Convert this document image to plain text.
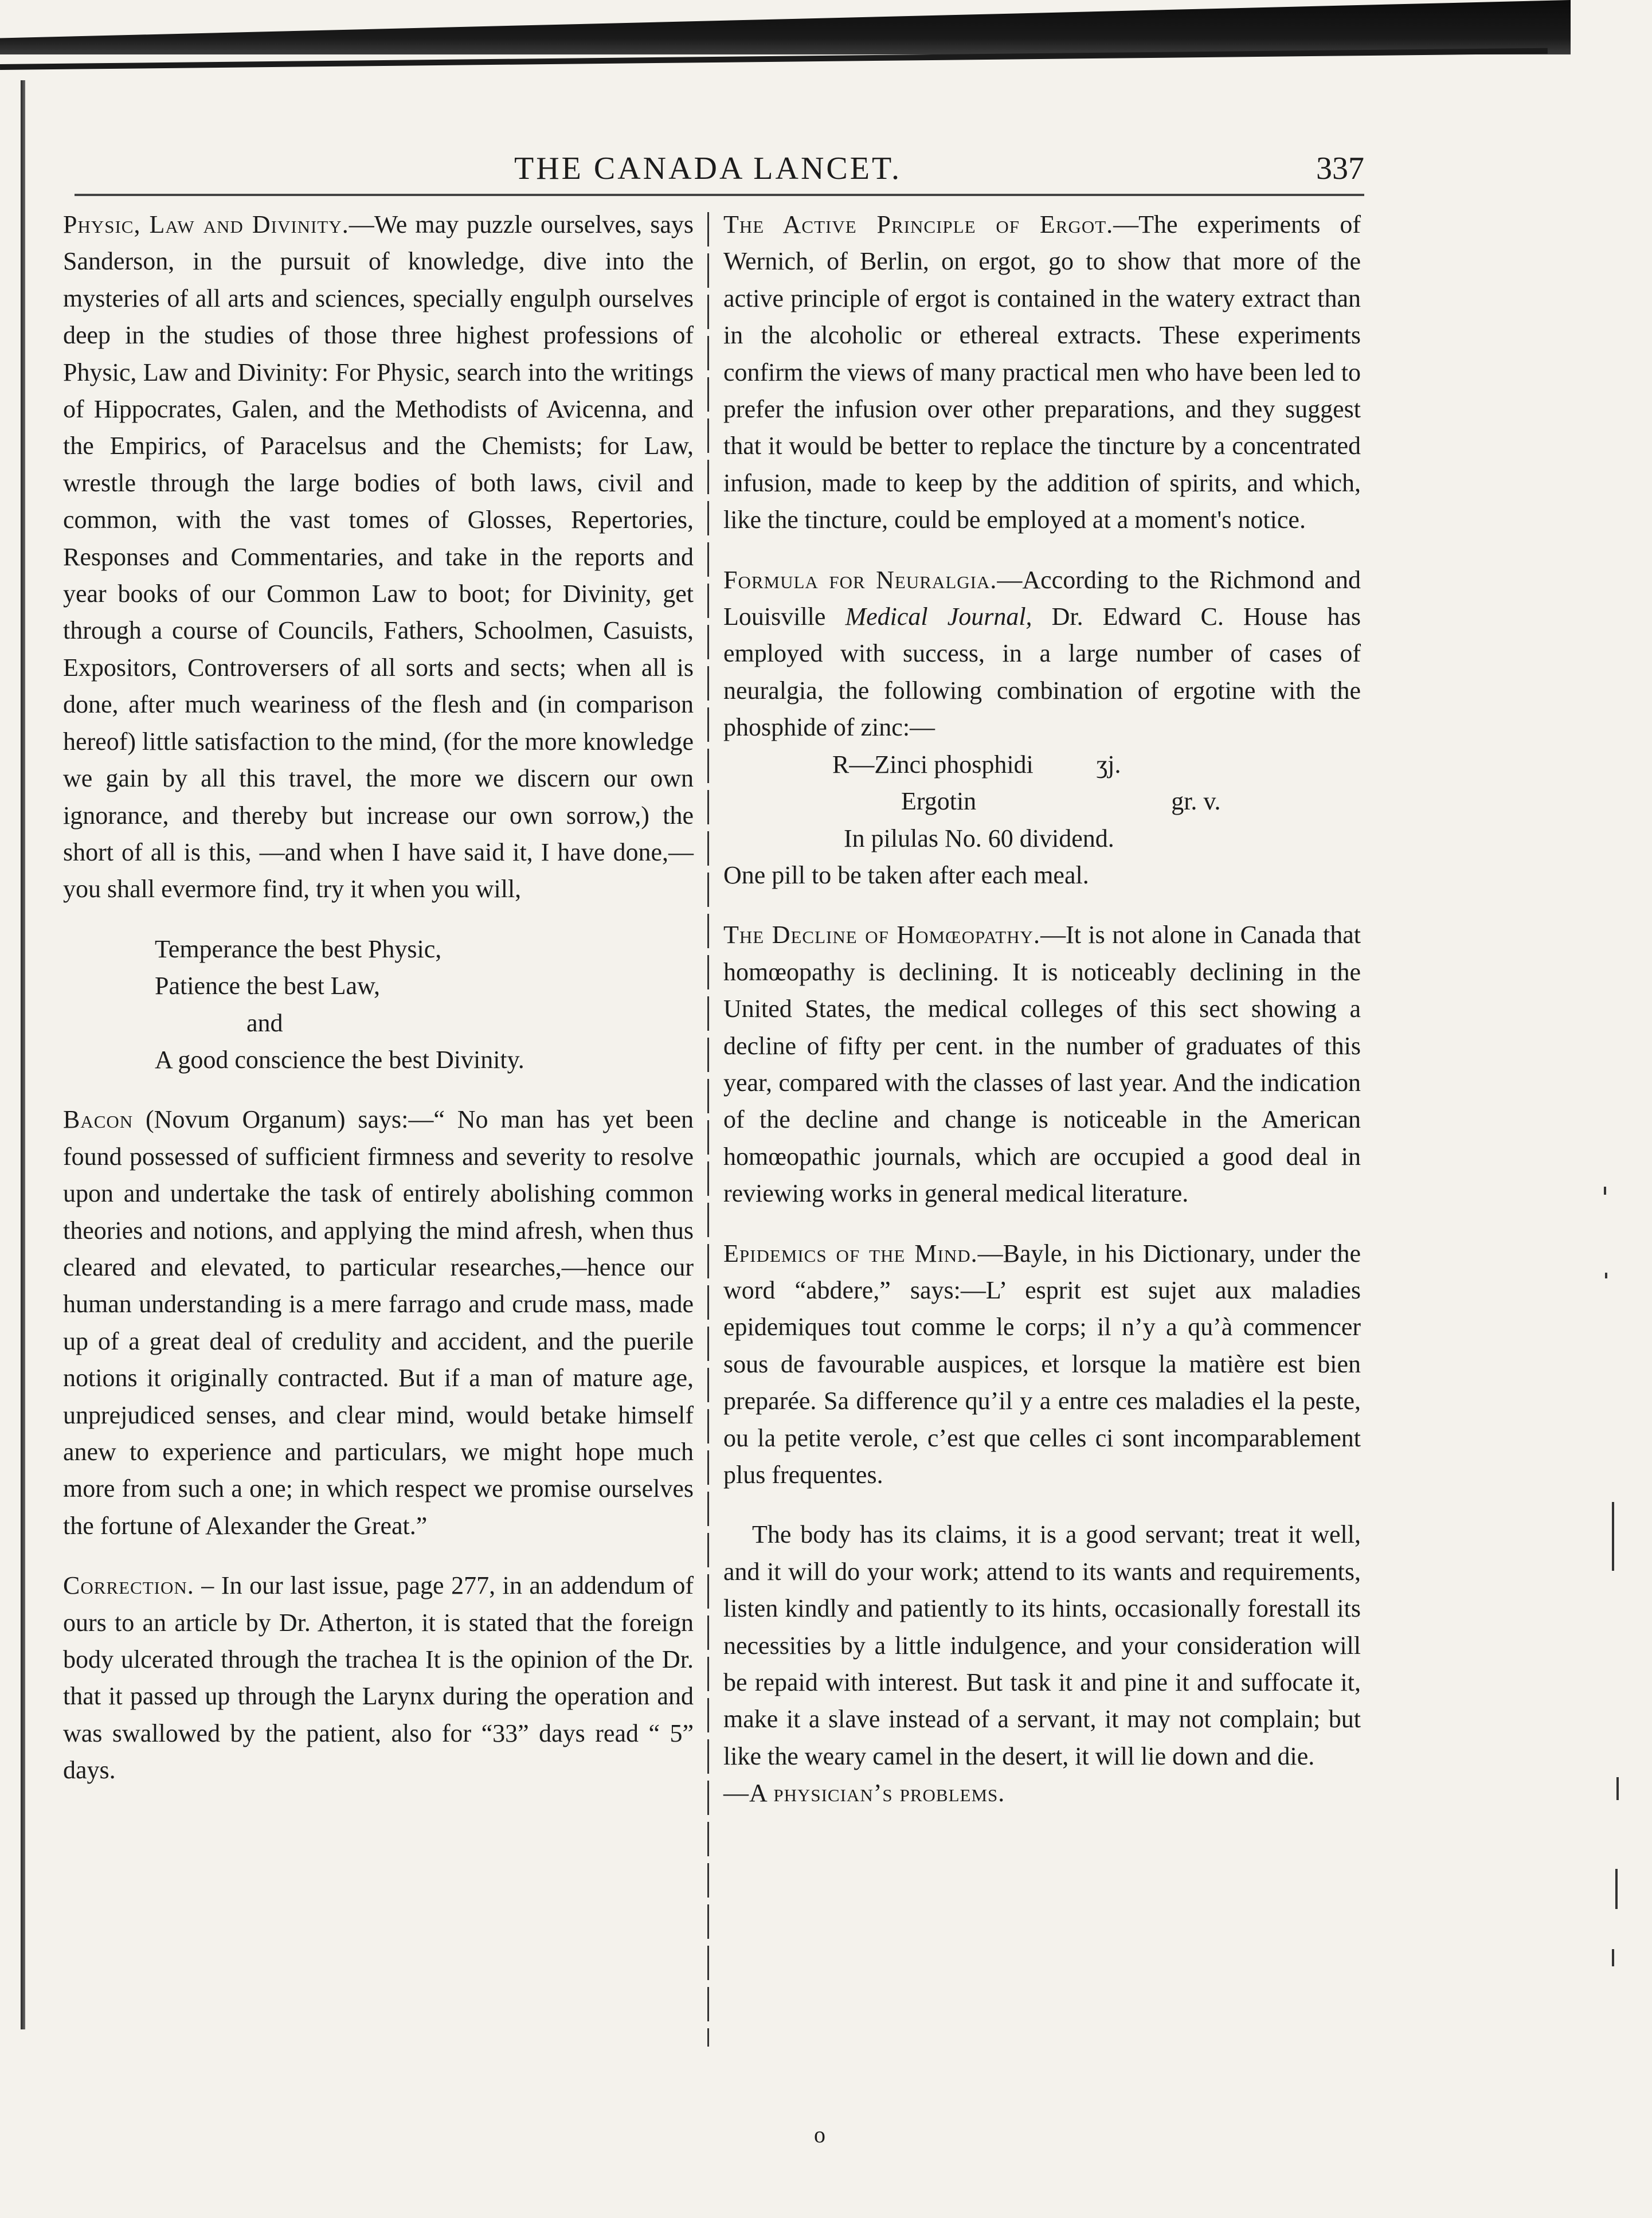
THE CANADA LANCET.	337

Physic, Law and Divinity.—We may puzzle ourselves, says Sanderson, in the pursuit of knowledge, dive into the mysteries of all arts and sciences, specially engulph ourselves deep in the studies of those three highest professions of Physic, Law and Divinity: For Physic, search into the writings of Hippocrates, Galen, and the Methodists of Avicenna, and the Empirics, of Paracelsus and the Chemists; for Law, wrestle through the large bodies of both laws, civil and common, with the vast tomes of Glosses, Repertories, Responses and Commentaries, and take in the reports and year books of our Common Law to boot; for Divinity, get through a course of Councils, Fathers, Schoolmen, Casuists, Expositors, Controversers of all sorts and sects; when all is done, after much weariness of the flesh and (in comparison hereof) little satisfaction to the mind, (for the more knowledge we gain by all this travel, the more we discern our own ignorance, and thereby but increase our own sorrow,) the short of all is this, —and when I have said it, I have done,—you shall evermore find, try it when you will,

Temperance the best Physic,
Patience the best Law,
and
A good conscience the best Divinity.

Bacon (Novum Organum) says:—“ No man has yet been found possessed of sufficient firmness and severity to resolve upon and undertake the task of entirely abolishing common theories and notions, and applying the mind afresh, when thus cleared and elevated, to particular researches,—hence our human understanding is a mere farrago and crude mass, made up of a great deal of credulity and accident, and the puerile notions it originally contracted. But if a man of mature age, unprejudiced senses, and clear mind, would betake himself anew to experience and particulars, we might hope much more from such a one; in which respect we promise ourselves the fortune of Alexander the Great.”

Correction. – In our last issue, page 277, in an addendum of ours to an article by Dr. Atherton, it is stated that the foreign body ulcerated through the trachea It is the opinion of the Dr. that it passed up through the Larynx during the operation and was swallowed by the patient, also for “33” days read “ 5” days.

The Active Principle of Ergot.—The experiments of Wernich, of Berlin, on ergot, go to show that more of the active principle of ergot is contained in the watery extract than in the alcoholic or ethereal extracts. These experiments confirm the views of many practical men who have been led to prefer the infusion over other preparations, and they suggest that it would be better to replace the tincture by a concentrated infusion, made to keep by the addition of spirits, and which, like the tincture, could be employed at a moment's notice.

Formula for Neuralgia.—According to the Richmond and Louisville Medical Journal, Dr. Edward C. House has employed with success, in a large number of cases of neuralgia, the following combination of ergotine with the phosphide of zinc:—

R—Zinci phosphidi	ʒj.
Ergotin	gr. v.
In pilulas No. 60 dividend.

One pill to be taken after each meal.

The Decline of Homœopathy.—It is not alone in Canada that homœopathy is declining. It is noticeably declining in the United States, the medical colleges of this sect showing a decline of fifty per cent. in the number of graduates of this year, compared with the classes of last year. And the indication of the decline and change is noticeable in the American homœopathic journals, which are occupied a good deal in reviewing works in general medical literature.

Epidemics of the Mind.—Bayle, in his Dictionary, under the word “abdere,” says:—L’ esprit est sujet aux maladies epidemiques tout comme le corps; il n’y a qu’à commencer sous de favourable auspices, et lorsque la matière est bien preparée. Sa difference qu’il y a entre ces maladies el la peste, ou la petite verole, c’est que celles ci sont incomparablement plus frequentes.

The body has its claims, it is a good servant; treat it well, and it will do your work; attend to its wants and requirements, listen kindly and patiently to its hints, occasionally forestall its necessities by a little indulgence, and your consideration will be repaid with interest. But task it and pine it and suffocate it, make it a slave instead of a servant, it may not complain; but like the weary camel in the desert, it will lie down and die.

—A physician’s problems.

o
